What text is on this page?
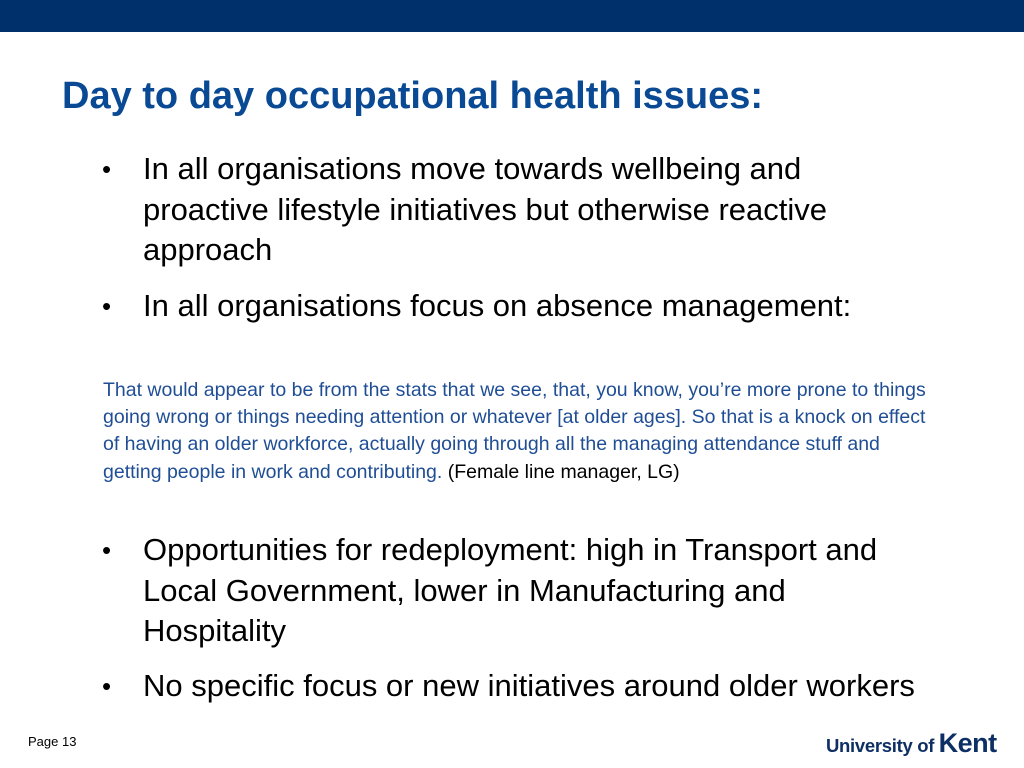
Day to day occupational health issues:
• In all organisations move towards wellbeing and proactive lifestyle initiatives but otherwise reactive approach
• In all organisations focus on absence management:
That would appear to be from the stats that we see, that, you know, you’re more prone to things going wrong or things needing attention or whatever [at older ages]. So that is a knock on effect of having an older workforce, actually going through all the managing attendance stuff and getting people in work and contributing. (Female line manager, LG)
• Opportunities for redeployment: high in Transport and Local Government, lower in Manufacturing and Hospitality
• No specific focus or new initiatives around older workers
Page 13	University of Kent
